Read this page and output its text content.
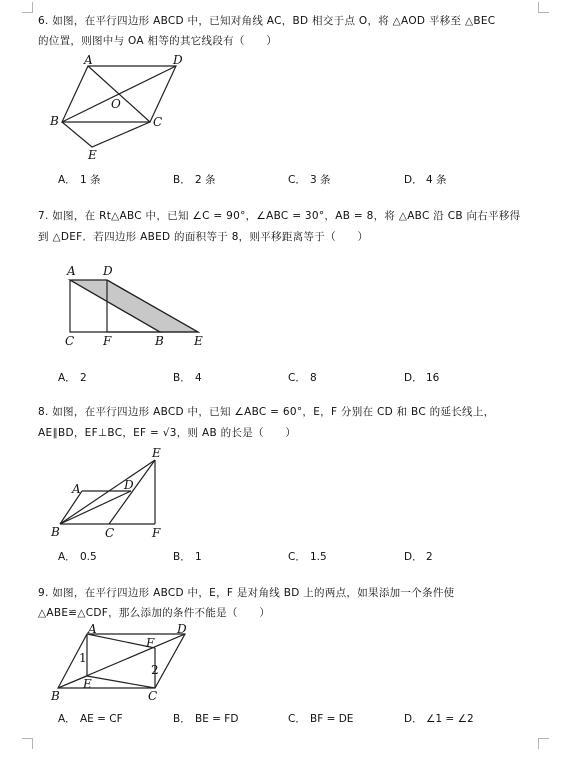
6. 如图，在平行四边形 ABCD 中，已知对角线 AC，BD 相交于点 O，将 △AOD 平移至 △BEC
的位置，则图中与 OA 相等的其它线段有（　　）
A	D
O
B	C
E
A． 1 条	B． 2 条	C． 3 条	D． 4 条
7. 如图，在 Rt△ABC 中，已知 ∠C = 90°，∠ABC = 30°，AB = 8，将 △ABC 沿 CB 向右平移得
到 △DEF．若四边形 ABED 的面积等于 8，则平移距离等于（　　）
A D
C F	B	E
A． 2	B． 4	C． 8	D． 16
8. 如图，在平行四边形 ABCD 中，已知 ∠ABC = 60°，E，F 分别在 CD 和 BC 的延长线上，
AE∥BD，EF⊥BC，EF = √3，则 AB 的长是（　　）
E
A	D
B	C	F
A． 0.5	B． 1	C． 1.5	D． 2
9. 如图，在平行四边形 ABCD 中，E，F 是对角线 BD 上的两点，如果添加一个条件使
△ABE≌△CDF，那么添加的条件不能是（　　）
A	D
F
1
2
E
B	C
A． AE = CF	B． BE = FD	C． BF = DE	D． ∠1 = ∠2
